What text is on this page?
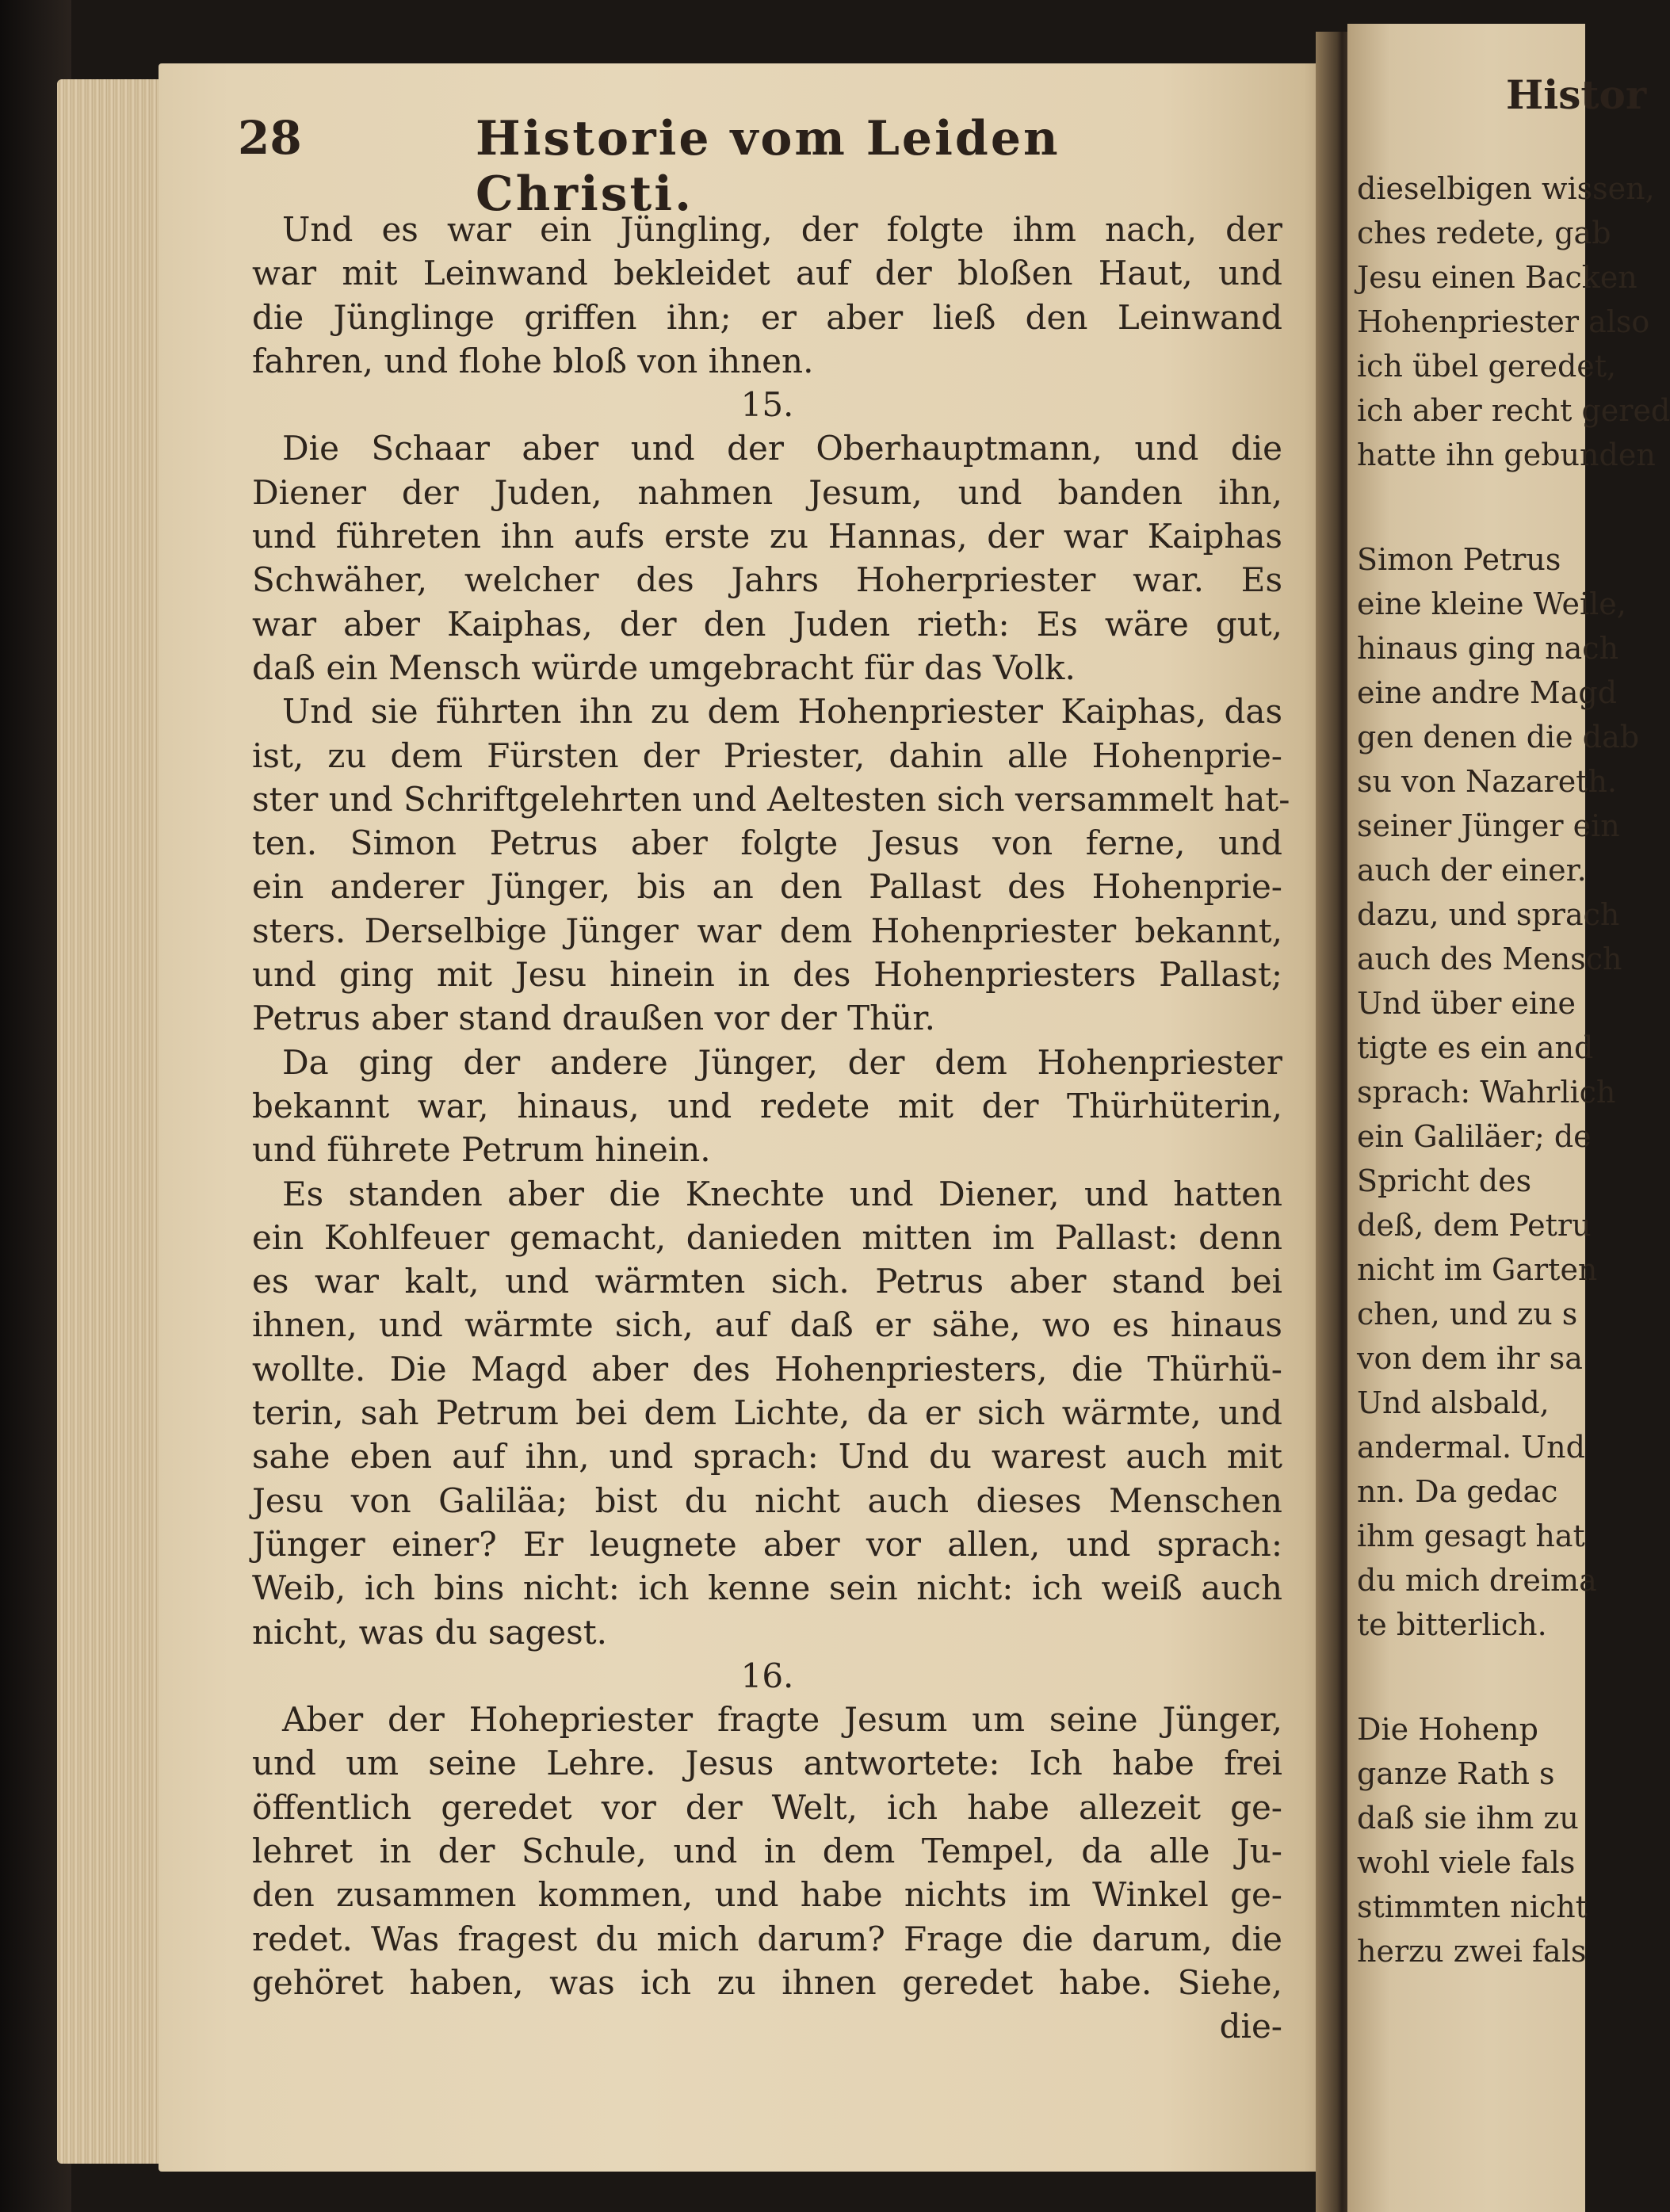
28	Historie vom Leiden Christi.
Und es war ein Jüngling, der folgte ihm nach, der
war mit Leinwand bekleidet auf der bloßen Haut, und
die Jünglinge griffen ihn; er aber ließ den Leinwand
fahren, und flohe bloß von ihnen.
15.
Die Schaar aber und der Oberhauptmann, und die
Diener der Juden, nahmen Jesum, und banden ihn,
und führeten ihn aufs erste zu Hannas, der war Kaiphas
Schwäher, welcher des Jahrs Hoherpriester war. Es
war aber Kaiphas, der den Juden rieth: Es wäre gut,
daß ein Mensch würde umgebracht für das Volk.
Und sie führten ihn zu dem Hohenpriester Kaiphas, das
ist, zu dem Fürsten der Priester, dahin alle Hohenprie-
ster und Schriftgelehrten und Aeltesten sich versammelt hat-
ten. Simon Petrus aber folgte Jesus von ferne, und
ein anderer Jünger, bis an den Pallast des Hohenprie-
sters. Derselbige Jünger war dem Hohenpriester bekannt,
und ging mit Jesu hinein in des Hohenpriesters Pallast;
Petrus aber stand draußen vor der Thür.
Da ging der andere Jünger, der dem Hohenpriester
bekannt war, hinaus, und redete mit der Thürhüterin,
und führete Petrum hinein.
Es standen aber die Knechte und Diener, und hatten
ein Kohlfeuer gemacht, danieden mitten im Pallast: denn
es war kalt, und wärmten sich. Petrus aber stand bei
ihnen, und wärmte sich, auf daß er sähe, wo es hinaus
wollte. Die Magd aber des Hohenpriesters, die Thürhü-
terin, sah Petrum bei dem Lichte, da er sich wärmte, und
sahe eben auf ihn, und sprach: Und du warest auch mit
Jesu von Galiläa; bist du nicht auch dieses Menschen
Jünger einer? Er leugnete aber vor allen, und sprach:
Weib, ich bins nicht: ich kenne sein nicht: ich weiß auch
nicht, was du sagest.
16.
Aber der Hohepriester fragte Jesum um seine Jünger,
und um seine Lehre. Jesus antwortete: Ich habe frei
öffentlich geredet vor der Welt, ich habe allezeit ge-
lehret in der Schule, und in dem Tempel, da alle Ju-
den zusammen kommen, und habe nichts im Winkel ge-
redet. Was fragest du mich darum? Frage die darum, die
gehöret haben, was ich zu ihnen geredet habe. Siehe,
die-
Histor
dieselbigen wissen,
ches redete, gab
Jesu einen Backen
Hohenpriester also
ich übel geredet,
ich aber recht gered
hatte ihn gebunden
Simon Petrus
eine kleine Weile,
hinaus ging nach
eine andre Magd
gen denen die dab
su von Nazareth.
seiner Jünger ein
auch der einer.
dazu, und sprach
auch des Mensch
Und über eine
tigte es ein and
sprach: Wahrlich
ein Galiläer; de
Spricht des
deß, dem Petru
nicht im Garten
chen, und zu s
von dem ihr sa
Und alsbald,
andermal. Und
nn. Da gedac
ihm gesagt hat
du mich dreima
te bitterlich.
Die Hohenp
ganze Rath s
daß sie ihm zu
wohl viele fals
stimmten nicht
herzu zwei fals
